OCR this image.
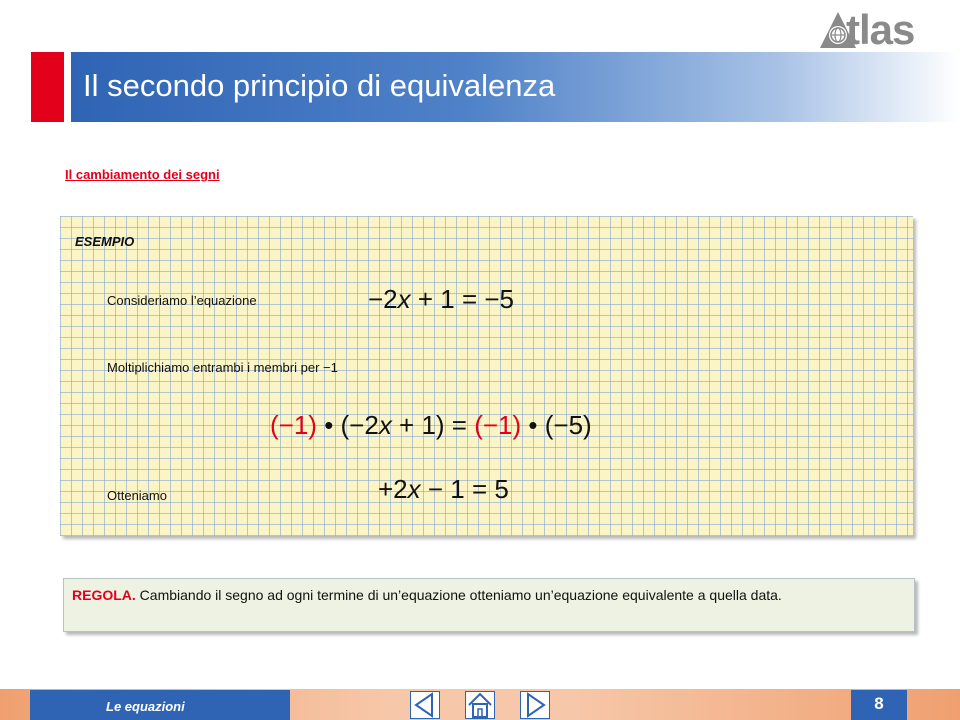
Il secondo principio di equivalenza
tlas
Il cambiamento dei segni
ESEMPIO
Consideriamo l’equazione	−2x + 1 = −5
Moltiplichiamo entrambi i membri per −1
(−1) • (−2x + 1) = (−1) • (−5)
Otteniamo	+2x − 1 = 5
REGOLA. Cambiando il segno ad ogni termine di un’equazione otteniamo un’equazione equivalente a quella data.
Le equazioni	8
